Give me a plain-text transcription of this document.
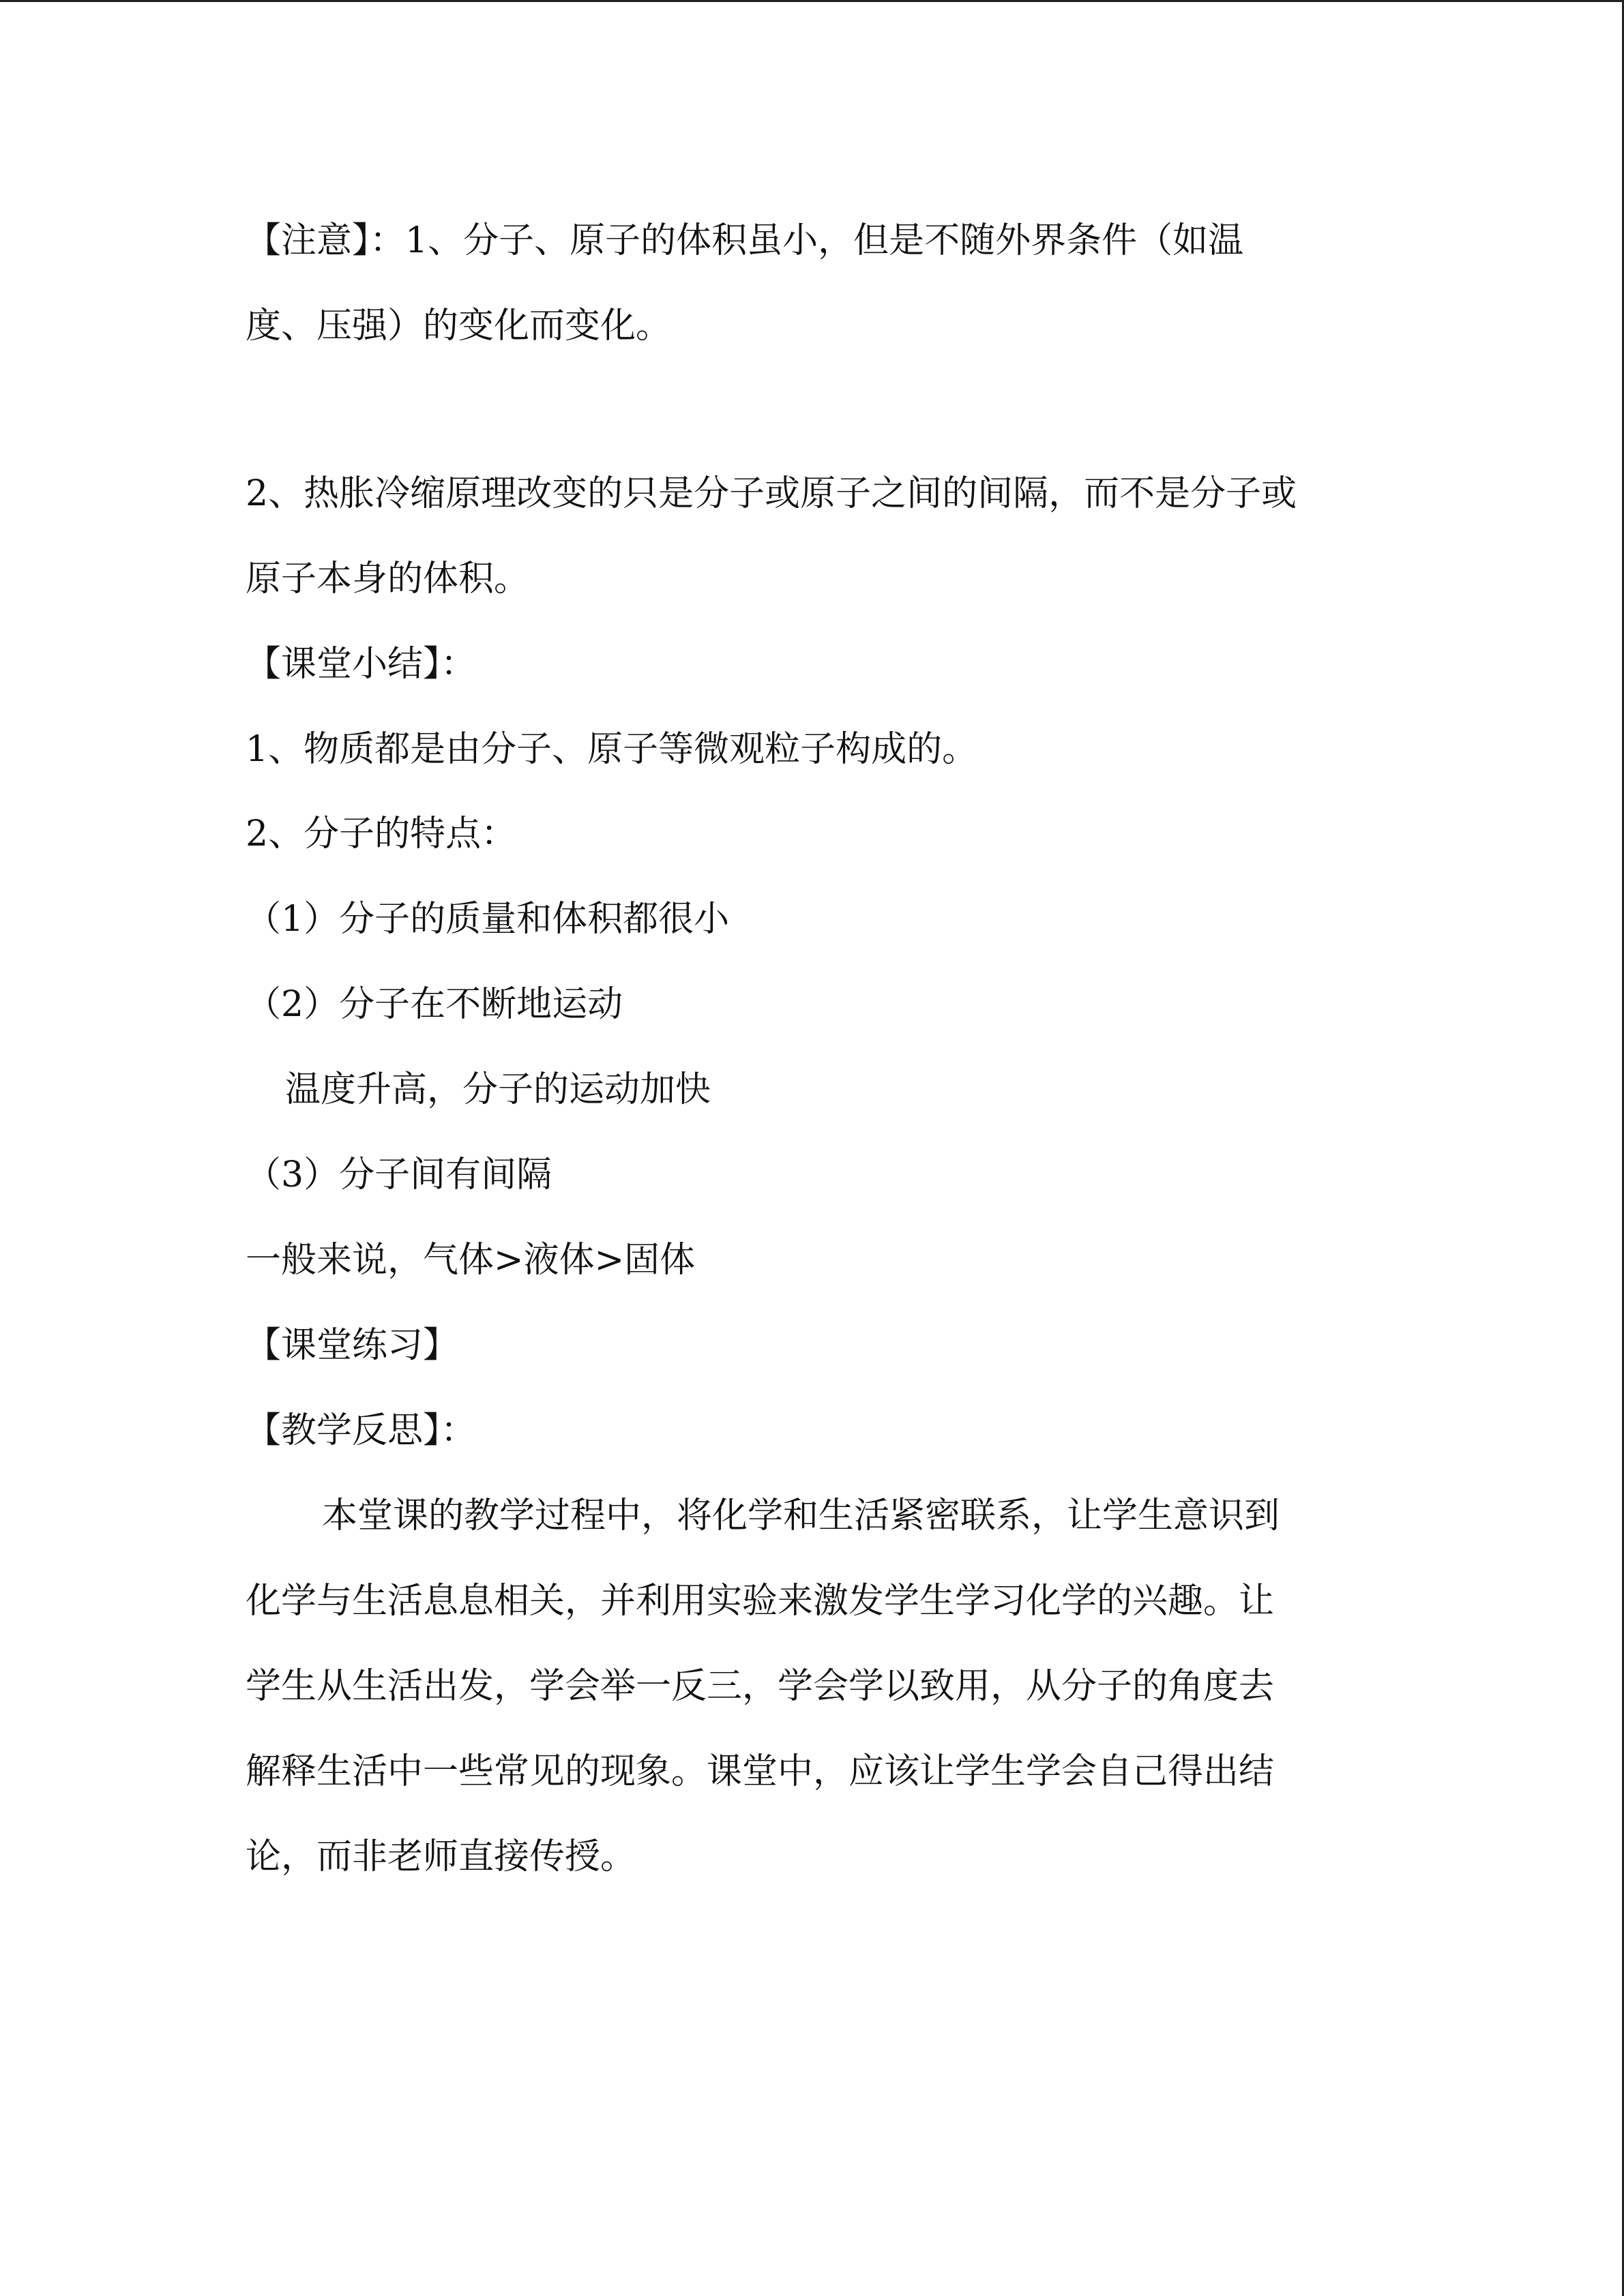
【注意】：1、分子、原子的体积虽小，但是不随外界条件（如温
度、压强）的变化而变化。
2、热胀冷缩原理改变的只是分子或原子之间的间隔，而不是分子或
原子本身的体积。
【课堂小结】：
1、物质都是由分子、原子等微观粒子构成的。
2、分子的特点：
（1）分子的质量和体积都很小
（2）分子在不断地运动
温度升高，分子的运动加快
（3）分子间有间隔
一般来说，气体>液体>固体
【课堂练习】
【教学反思】：
本堂课的教学过程中，将化学和生活紧密联系，让学生意识到
化学与生活息息相关，并利用实验来激发学生学习化学的兴趣。让
学生从生活出发，学会举一反三，学会学以致用，从分子的角度去
解释生活中一些常见的现象。课堂中，应该让学生学会自己得出结
论，而非老师直接传授。
